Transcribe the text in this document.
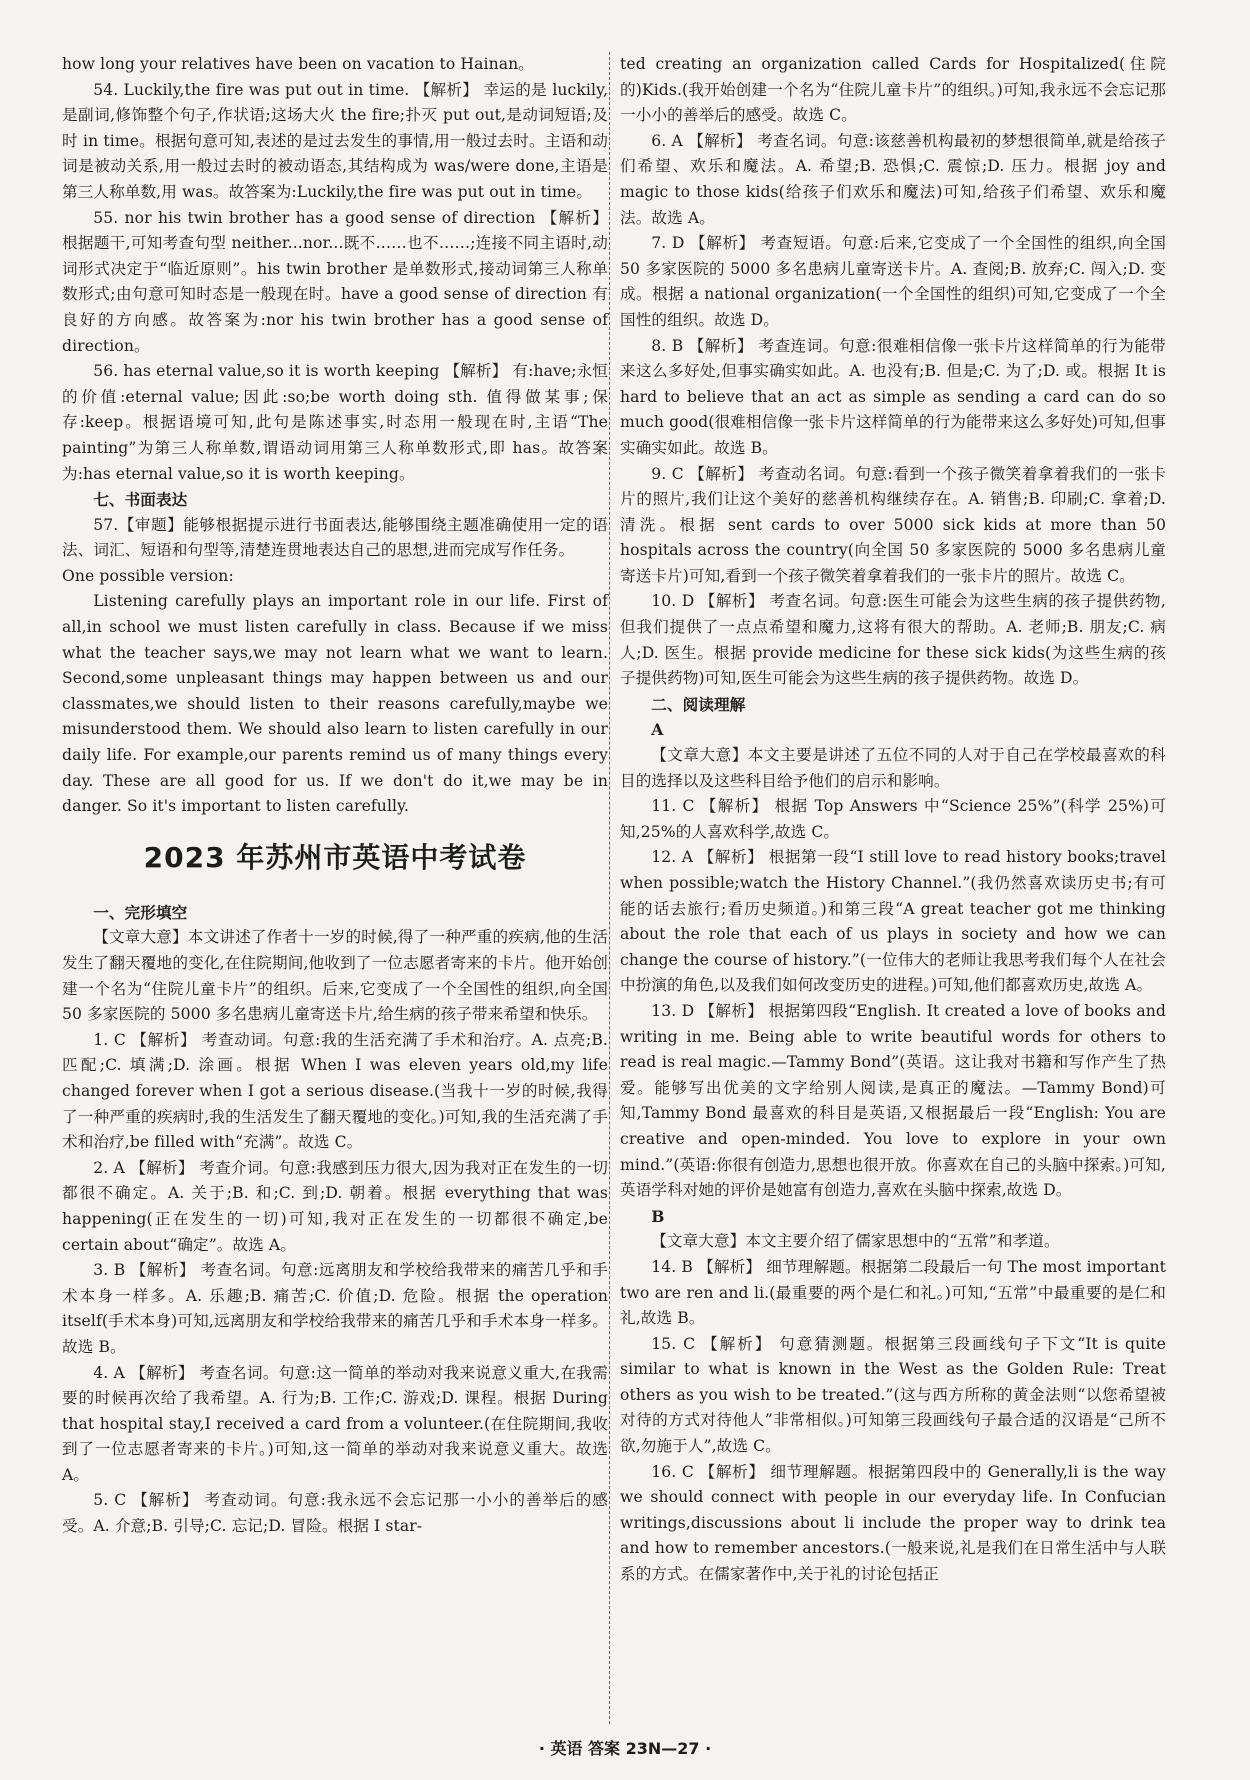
how long your relatives have been on vacation to Hainan。

54. Luckily,the fire was put out in time. 【解析】 幸运的是 luckily,是副词,修饰整个句子,作状语;这场大火 the fire;扑灭 put out,是动词短语;及时 in time。根据句意可知,表述的是过去发生的事情,用一般过去时。主语和动词是被动关系,用一般过去时的被动语态,其结构成为 was/were done,主语是第三人称单数,用 was。故答案为:Luckily,the fire was put out in time。

55. nor his twin brother has a good sense of direction 【解析】 根据题干,可知考查句型 neither...nor...既不……也不……;连接不同主语时,动词形式决定于“临近原则”。his twin brother 是单数形式,接动词第三人称单数形式;由句意可知时态是一般现在时。have a good sense of direction 有良好的方向感。故答案为:nor his twin brother has a good sense of direction。

56. has eternal value,so it is worth keeping 【解析】 有:have;永恒的价值:eternal value;因此:so;be worth doing sth. 值得做某事;保存:keep。根据语境可知,此句是陈述事实,时态用一般现在时,主语“The painting”为第三人称单数,谓语动词用第三人称单数形式,即 has。故答案为:has eternal value,so it is worth keeping。

七、书面表达

57.【审题】能够根据提示进行书面表达,能够围绕主题准确使用一定的语法、词汇、短语和句型等,清楚连贯地表达自己的思想,进而完成写作任务。

One possible version:

Listening carefully plays an important role in our life. First of all,in school we must listen carefully in class. Because if we miss what the teacher says,we may not learn what we want to learn. Second,some unpleasant things may happen between us and our classmates,we should listen to their reasons carefully,maybe we misunderstood them. We should also learn to listen carefully in our daily life. For example,our parents remind us of many things every day. These are all good for us. If we don't do it,we may be in danger. So it's important to listen carefully.

2023 年苏州市英语中考试卷

一、完形填空

【文章大意】本文讲述了作者十一岁的时候,得了一种严重的疾病,他的生活发生了翻天覆地的变化,在住院期间,他收到了一位志愿者寄来的卡片。他开始创建一个名为“住院儿童卡片”的组织。后来,它变成了一个全国性的组织,向全国 50 多家医院的 5000 多名患病儿童寄送卡片,给生病的孩子带来希望和快乐。

1. C 【解析】 考查动词。句意:我的生活充满了手术和治疗。A. 点亮;B. 匹配;C. 填满;D. 涂画。根据 When I was eleven years old,my life changed forever when I got a serious disease.(当我十一岁的时候,我得了一种严重的疾病时,我的生活发生了翻天覆地的变化。)可知,我的生活充满了手术和治疗,be filled with“充满”。故选 C。

2. A 【解析】 考查介词。句意:我感到压力很大,因为我对正在发生的一切都很不确定。A. 关于;B. 和;C. 到;D. 朝着。根据 everything that was happening(正在发生的一切)可知,我对正在发生的一切都很不确定,be certain about“确定”。故选 A。

3. B 【解析】 考查名词。句意:远离朋友和学校给我带来的痛苦几乎和手术本身一样多。A. 乐趣;B. 痛苦;C. 价值;D. 危险。根据 the operation itself(手术本身)可知,远离朋友和学校给我带来的痛苦几乎和手术本身一样多。故选 B。

4. A 【解析】 考查名词。句意:这一简单的举动对我来说意义重大,在我需要的时候再次给了我希望。A. 行为;B. 工作;C. 游戏;D. 课程。根据 During that hospital stay,I received a card from a volunteer.(在住院期间,我收到了一位志愿者寄来的卡片。)可知,这一简单的举动对我来说意义重大。故选 A。

5. C 【解析】 考查动词。句意:我永远不会忘记那一小小的善举后的感受。A. 介意;B. 引导;C. 忘记;D. 冒险。根据 I star-

ted creating an organization called Cards for Hospitalized(住院的)Kids.(我开始创建一个名为“住院儿童卡片”的组织。)可知,我永远不会忘记那一小小的善举后的感受。故选 C。

6. A 【解析】 考查名词。句意:该慈善机构最初的梦想很简单,就是给孩子们希望、欢乐和魔法。A. 希望;B. 恐惧;C. 震惊;D. 压力。根据 joy and magic to those kids(给孩子们欢乐和魔法)可知,给孩子们希望、欢乐和魔法。故选 A。

7. D 【解析】 考查短语。句意:后来,它变成了一个全国性的组织,向全国 50 多家医院的 5000 多名患病儿童寄送卡片。A. 查阅;B. 放弃;C. 闯入;D. 变成。根据 a national organization(一个全国性的组织)可知,它变成了一个全国性的组织。故选 D。

8. B 【解析】 考查连词。句意:很难相信像一张卡片这样简单的行为能带来这么多好处,但事实确实如此。A. 也没有;B. 但是;C. 为了;D. 或。根据 It is hard to believe that an act as simple as sending a card can do so much good(很难相信像一张卡片这样简单的行为能带来这么多好处)可知,但事实确实如此。故选 B。

9. C 【解析】 考查动名词。句意:看到一个孩子微笑着拿着我们的一张卡片的照片,我们让这个美好的慈善机构继续存在。A. 销售;B. 印刷;C. 拿着;D. 清洗。根据 sent cards to over 5000 sick kids at more than 50 hospitals across the country(向全国 50 多家医院的 5000 多名患病儿童寄送卡片)可知,看到一个孩子微笑着拿着我们的一张卡片的照片。故选 C。

10. D 【解析】 考查名词。句意:医生可能会为这些生病的孩子提供药物,但我们提供了一点点希望和魔力,这将有很大的帮助。A. 老师;B. 朋友;C. 病人;D. 医生。根据 provide medicine for these sick kids(为这些生病的孩子提供药物)可知,医生可能会为这些生病的孩子提供药物。故选 D。

二、阅读理解

A

【文章大意】本文主要是讲述了五位不同的人对于自己在学校最喜欢的科目的选择以及这些科目给予他们的启示和影响。

11. C 【解析】 根据 Top Answers 中“Science 25%”(科学 25%)可知,25%的人喜欢科学,故选 C。

12. A 【解析】 根据第一段“I still love to read history books;travel when possible;watch the History Channel.”(我仍然喜欢读历史书;有可能的话去旅行;看历史频道。)和第三段“A great teacher got me thinking about the role that each of us plays in society and how we can change the course of history.”(一位伟大的老师让我思考我们每个人在社会中扮演的角色,以及我们如何改变历史的进程。)可知,他们都喜欢历史,故选 A。

13. D 【解析】 根据第四段“English. It created a love of books and writing in me. Being able to write beautiful words for others to read is real magic.—Tammy Bond”(英语。这让我对书籍和写作产生了热爱。能够写出优美的文字给别人阅读,是真正的魔法。—Tammy Bond)可知,Tammy Bond 最喜欢的科目是英语,又根据最后一段“English: You are creative and open-minded. You love to explore in your own mind.”(英语:你很有创造力,思想也很开放。你喜欢在自己的头脑中探索。)可知,英语学科对她的评价是她富有创造力,喜欢在头脑中探索,故选 D。

B

【文章大意】本文主要介绍了儒家思想中的“五常”和孝道。

14. B 【解析】 细节理解题。根据第二段最后一句 The most important two are ren and li.(最重要的两个是仁和礼。)可知,“五常”中最重要的是仁和礼,故选 B。

15. C 【解析】 句意猜测题。根据第三段画线句子下文“It is quite similar to what is known in the West as the Golden Rule: Treat others as you wish to be treated.”(这与西方所称的黄金法则“以您希望被对待的方式对待他人”非常相似。)可知第三段画线句子最合适的汉语是“己所不欲,勿施于人”,故选 C。

16. C 【解析】 细节理解题。根据第四段中的 Generally,li is the way we should connect with people in our everyday life. In Confucian writings,discussions about li include the proper way to drink tea and how to remember ancestors.(一般来说,礼是我们在日常生活中与人联系的方式。在儒家著作中,关于礼的讨论包括正

· 英语 答案 23N—27 ·
